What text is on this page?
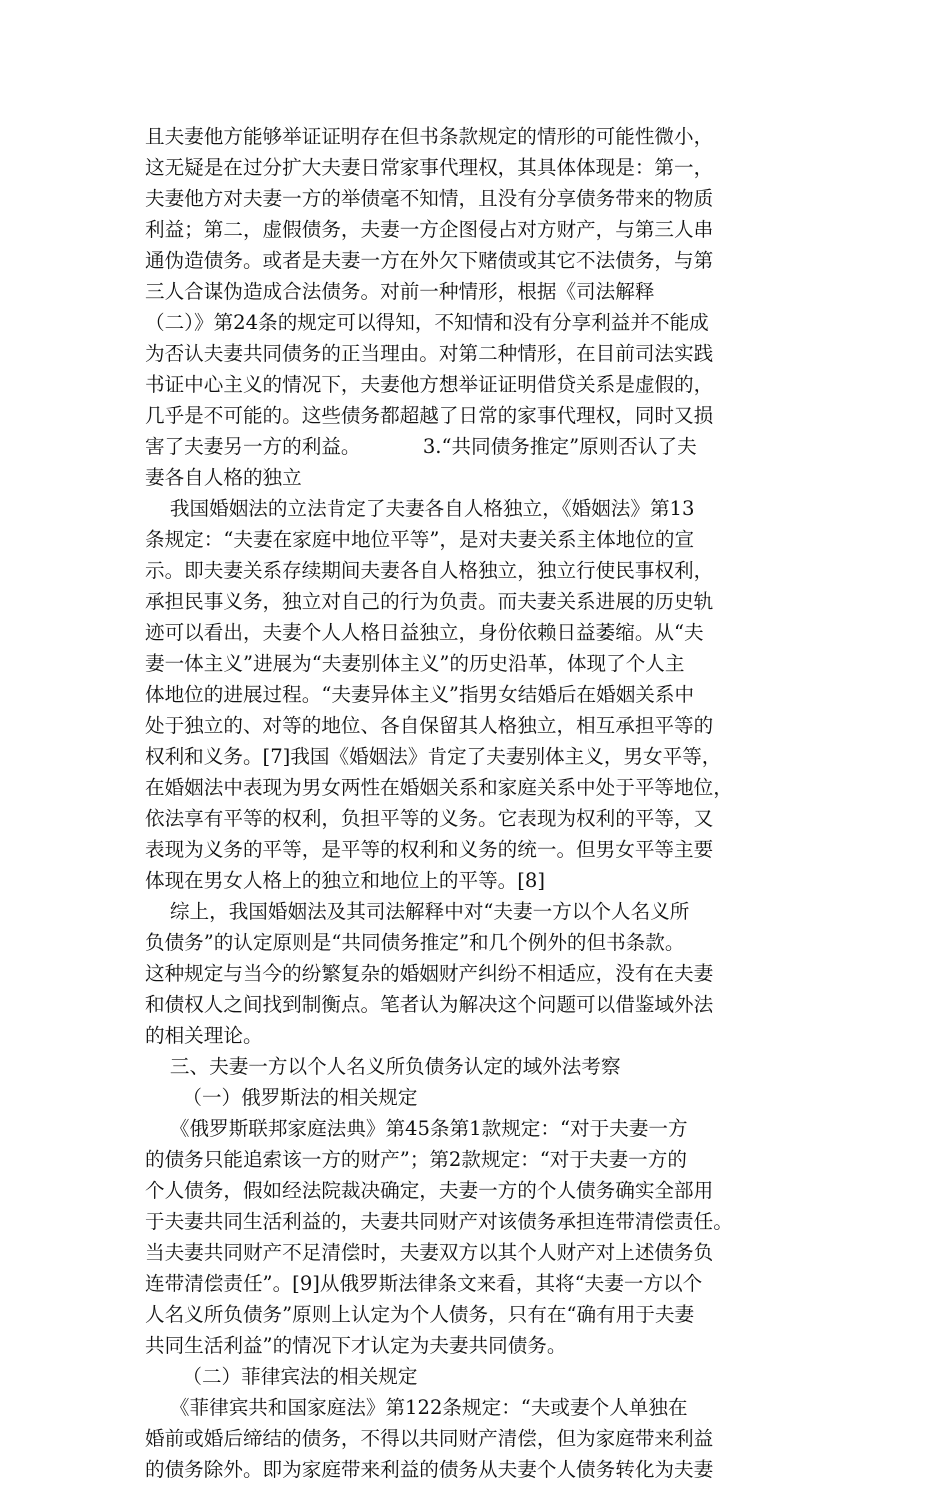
且夫妻他方能够举证证明存在但书条款规定的情形的可能性微小，
这无疑是在过分扩大夫妻日常家事代理权，其具体体现是：第一，
夫妻他方对夫妻一方的举债毫不知情，且没有分享债务带来的物质
利益；第二，虚假债务，夫妻一方企图侵占对方财产，与第三人串
通伪造债务。或者是夫妻一方在外欠下赌债或其它不法债务，与第
三人合谋伪造成合法债务。对前一种情形，根据《司法解释
（二）》第24条的规定可以得知，不知情和没有分享利益并不能成
为否认夫妻共同债务的正当理由。对第二种情形，在目前司法实践
书证中心主义的情况下，夫妻他方想举证证明借贷关系是虚假的，
几乎是不可能的。这些债务都超越了日常的家事代理权，同时又损
害了夫妻另一方的利益。          3.“共同债务推定”原则否认了夫
妻各自人格的独立
我国婚姻法的立法肯定了夫妻各自人格独立，《婚姻法》第13
条规定：“夫妻在家庭中地位平等”，是对夫妻关系主体地位的宣
示。即夫妻关系存续期间夫妻各自人格独立，独立行使民事权利，
承担民事义务，独立对自己的行为负责。而夫妻关系进展的历史轨
迹可以看出，夫妻个人人格日益独立，身份依赖日益萎缩。从“夫
妻一体主义”进展为“夫妻别体主义”的历史沿革，体现了个人主
体地位的进展过程。“夫妻异体主义”指男女结婚后在婚姻关系中
处于独立的、对等的地位、各自保留其人格独立，相互承担平等的
权利和义务。[7]我国《婚姻法》肯定了夫妻别体主义，男女平等，
在婚姻法中表现为男女两性在婚姻关系和家庭关系中处于平等地位，
依法享有平等的权利，负担平等的义务。它表现为权利的平等，又
表现为义务的平等，是平等的权利和义务的统一。但男女平等主要
体现在男女人格上的独立和地位上的平等。[8]
综上，我国婚姻法及其司法解释中对“夫妻一方以个人名义所
负债务”的认定原则是“共同债务推定”和几个例外的但书条款。
这种规定与当今的纷繁复杂的婚姻财产纠纷不相适应，没有在夫妻
和债权人之间找到制衡点。笔者认为解决这个问题可以借鉴域外法
的相关理论。
三、夫妻一方以个人名义所负债务认定的域外法考察
（一）俄罗斯法的相关规定
《俄罗斯联邦家庭法典》第45条第1款规定：“对于夫妻一方
的债务只能追索该一方的财产”；第2款规定：“对于夫妻一方的
个人债务，假如经法院裁决确定，夫妻一方的个人债务确实全部用
于夫妻共同生活利益的，夫妻共同财产对该债务承担连带清偿责任。
当夫妻共同财产不足清偿时，夫妻双方以其个人财产对上述债务负
连带清偿责任”。[9]从俄罗斯法律条文来看，其将“夫妻一方以个
人名义所负债务”原则上认定为个人债务，只有在“确有用于夫妻
共同生活利益”的情况下才认定为夫妻共同债务。
（二）菲律宾法的相关规定
《菲律宾共和国家庭法》第122条规定：“夫或妻个人单独在
婚前或婚后缔结的债务，不得以共同财产清偿，但为家庭带来利益
的债务除外。即为家庭带来利益的债务从夫妻个人债务转化为夫妻
